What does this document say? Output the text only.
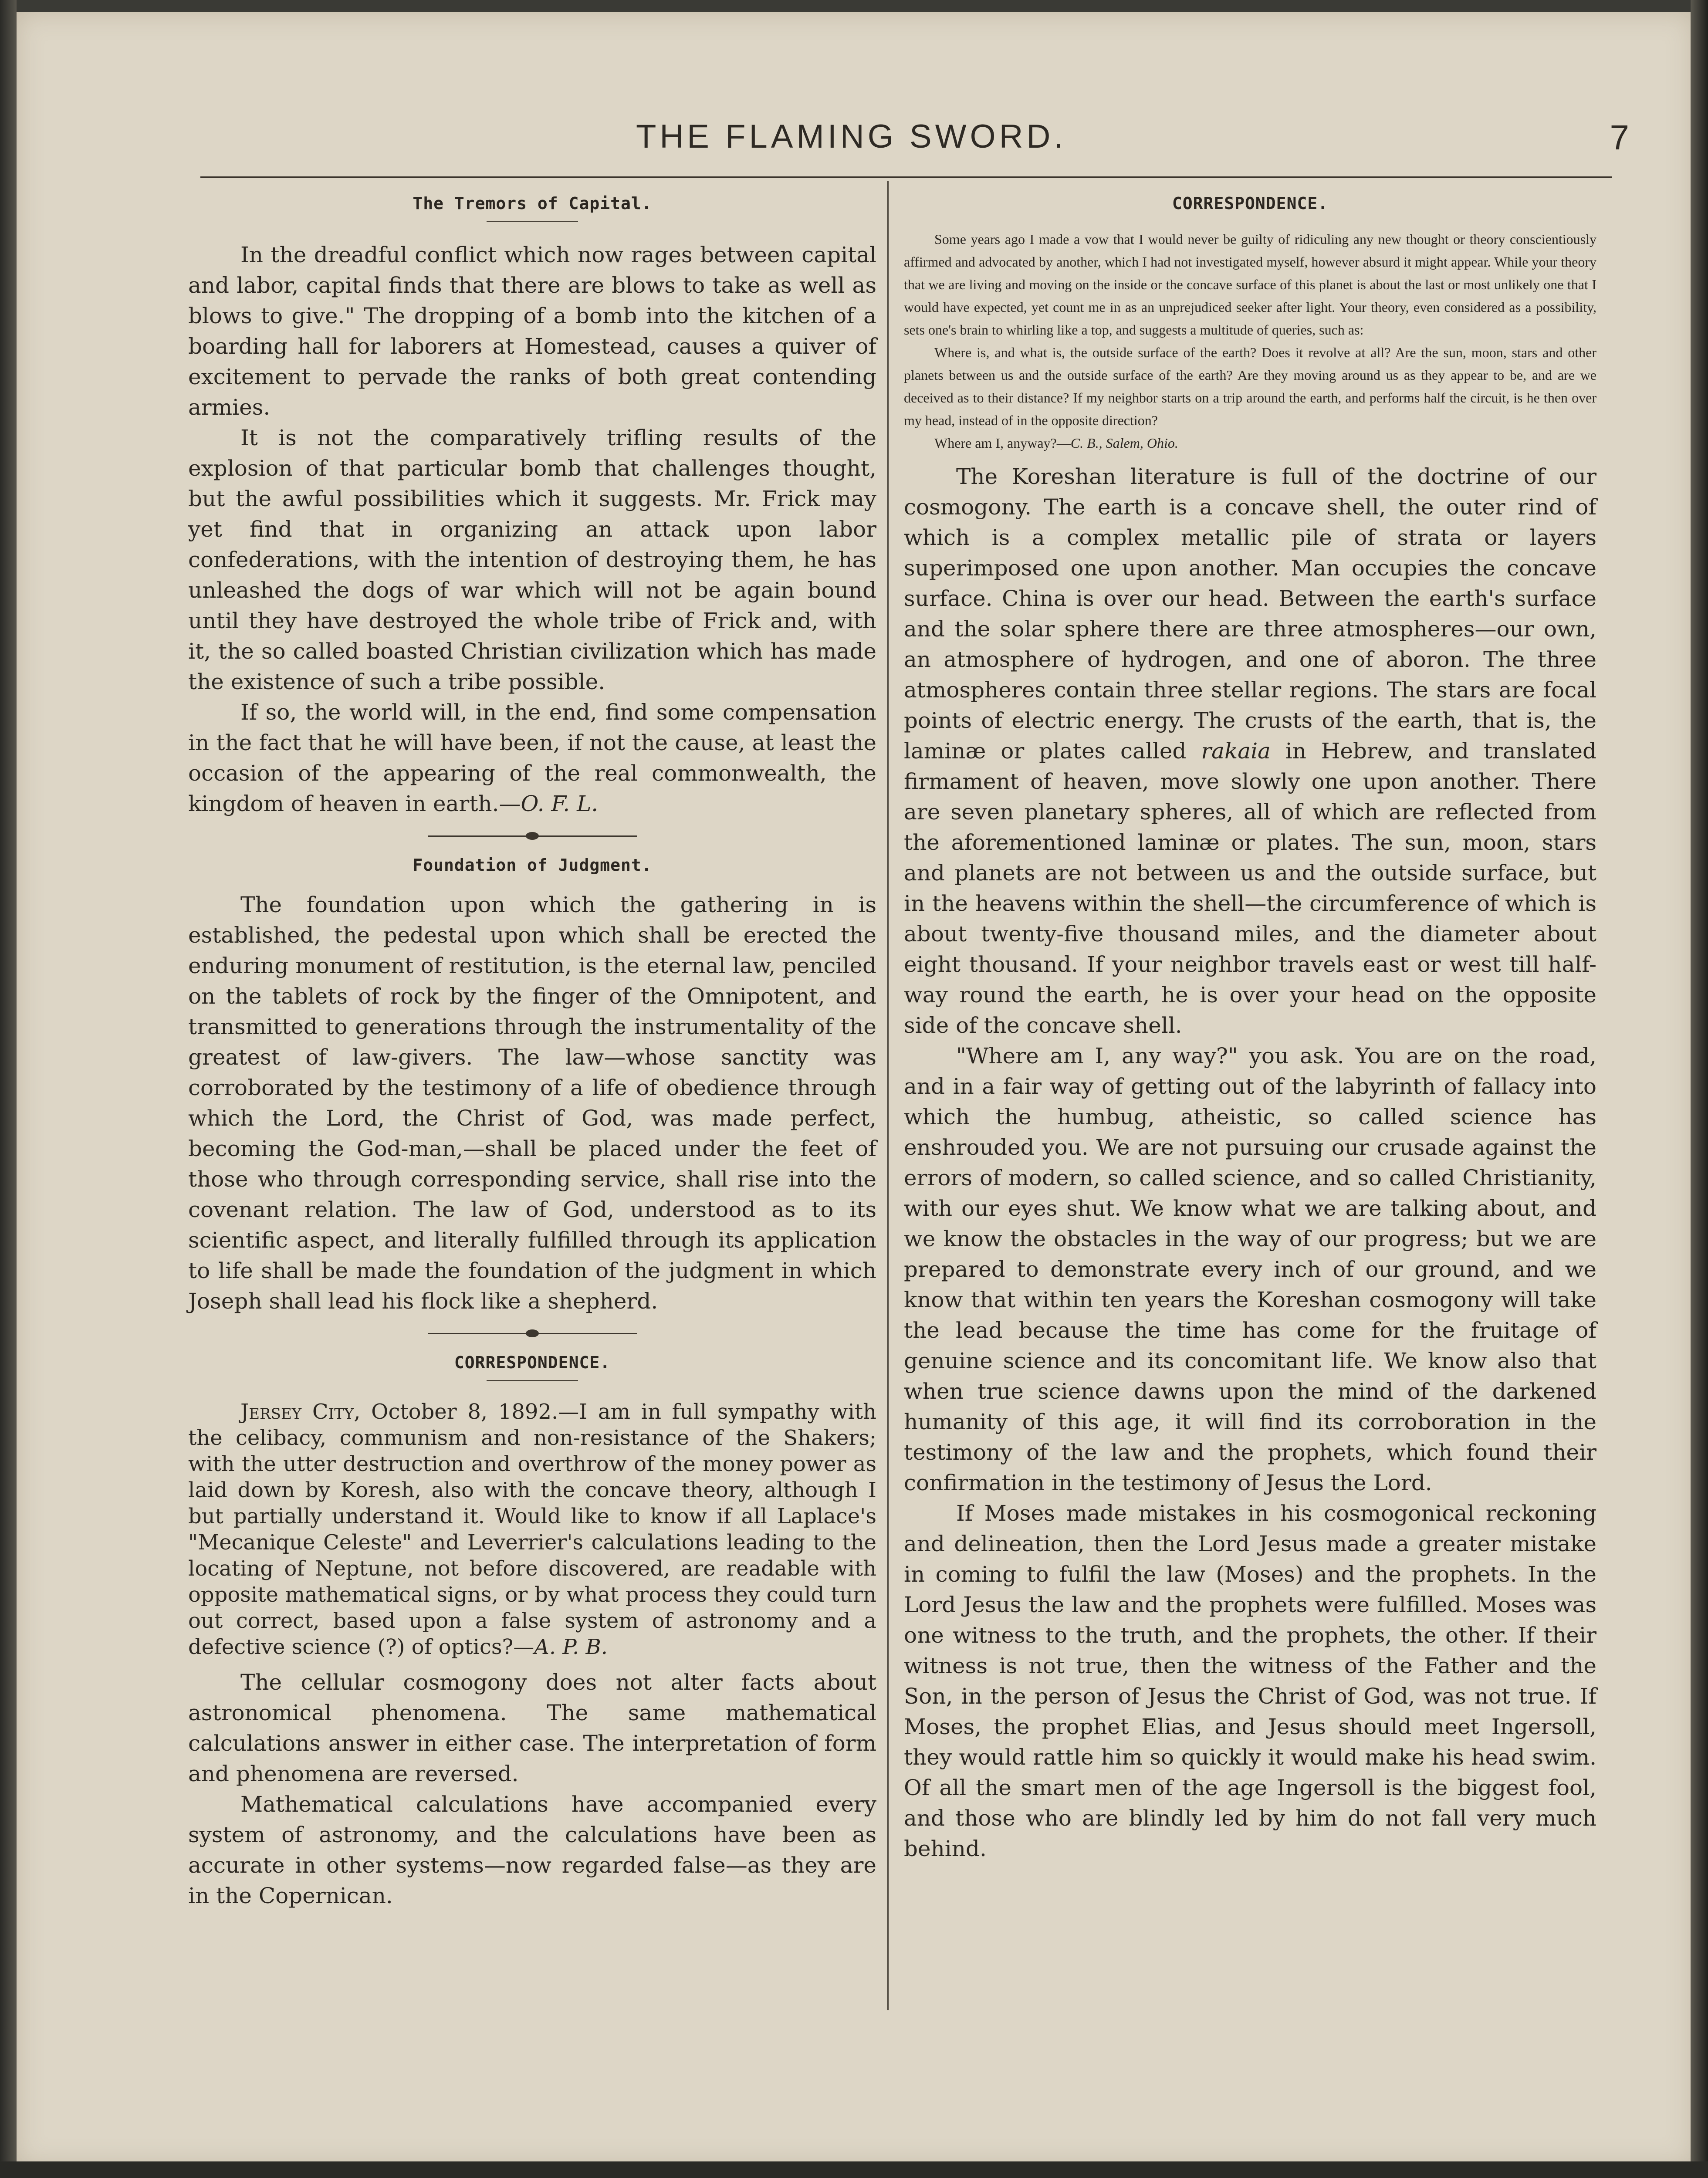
THE FLAMING SWORD.	7
The Tremors of Capital.

In the dreadful conflict which now rages between capital and labor, capital finds that there are blows to take as well as blows to give." The dropping of a bomb into the kitchen of a boarding hall for laborers at Homestead, causes a quiver of excitement to pervade the ranks of both great contending armies.

It is not the comparatively trifling results of the explosion of that particular bomb that challenges thought, but the awful possibilities which it suggests. Mr. Frick may yet find that in organizing an attack upon labor confederations, with the intention of destroying them, he has unleashed the dogs of war which will not be again bound until they have destroyed the whole tribe of Frick and, with it, the so called boasted Christian civilization which has made the existence of such a tribe possible.

If so, the world will, in the end, find some compensation in the fact that he will have been, if not the cause, at least the occasion of the appearing of the real commonwealth, the kingdom of heaven in earth.—O. F. L.

Foundation of Judgment.

The foundation upon which the gathering in is established, the pedestal upon which shall be erected the enduring monument of restitution, is the eternal law, penciled on the tablets of rock by the finger of the Omnipotent, and transmitted to generations through the instrumentality of the greatest of law-givers. The law—whose sanctity was corroborated by the testimony of a life of obedience through which the Lord, the Christ of God, was made perfect, becoming the God-man,—shall be placed under the feet of those who through corresponding service, shall rise into the covenant relation. The law of God, understood as to its scientific aspect, and literally fulfilled through its application to life shall be made the foundation of the judgment in which Joseph shall lead his flock like a shepherd.

CORRESPONDENCE.

Jersey City, October 8, 1892.—I am in full sympathy with the celibacy, communism and non-resistance of the Shakers; with the utter destruction and overthrow of the money power as laid down by Koresh, also with the concave theory, although I but partially understand it. Would like to know if all Laplace's "Mecanique Celeste" and Leverrier's calculations leading to the locating of Neptune, not before discovered, are readable with opposite mathematical signs, or by what process they could turn out correct, based upon a false system of astronomy and a defective science (?) of optics?—A. P. B.

The cellular cosmogony does not alter facts about astronomical phenomena. The same mathematical calculations answer in either case. The interpretation of form and phenomena are reversed.

Mathematical calculations have accompanied every system of astronomy, and the calculations have been as accurate in other systems—now regarded false—as they are in the Copernican.

CORRESPONDENCE.

Some years ago I made a vow that I would never be guilty of ridiculing any new thought or theory conscientiously affirmed and advocated by another, which I had not investigated myself, however absurd it might appear. While your theory that we are living and moving on the inside or the concave surface of this planet is about the last or most unlikely one that I would have expected, yet count me in as an unprejudiced seeker after light. Your theory, even considered as a possibility, sets one's brain to whirling like a top, and suggests a multitude of queries, such as:

Where is, and what is, the outside surface of the earth? Does it revolve at all? Are the sun, moon, stars and other planets between us and the outside surface of the earth? Are they moving around us as they appear to be, and are we deceived as to their distance? If my neighbor starts on a trip around the earth, and performs half the circuit, is he then over my head, instead of in the opposite direction?

Where am I, anyway?—C. B., Salem, Ohio.

The Koreshan literature is full of the doctrine of our cosmogony. The earth is a concave shell, the outer rind of which is a complex metallic pile of strata or layers superimposed one upon another. Man occupies the concave surface. China is over our head. Between the earth's surface and the solar sphere there are three atmospheres—our own, an atmosphere of hydrogen, and one of aboron. The three atmospheres contain three stellar regions. The stars are focal points of electric energy. The crusts of the earth, that is, the laminæ or plates called rakaia in Hebrew, and translated firmament of heaven, move slowly one upon another. There are seven planetary spheres, all of which are reflected from the aforementioned laminæ or plates. The sun, moon, stars and planets are not between us and the outside surface, but in the heavens within the shell—the circumference of which is about twenty-five thousand miles, and the diameter about eight thousand. If your neighbor travels east or west till half-way round the earth, he is over your head on the opposite side of the concave shell.

"Where am I, any way?" you ask. You are on the road, and in a fair way of getting out of the labyrinth of fallacy into which the humbug, atheistic, so called science has enshrouded you. We are not pursuing our crusade against the errors of modern, so called science, and so called Christianity, with our eyes shut. We know what we are talking about, and we know the obstacles in the way of our progress; but we are prepared to demonstrate every inch of our ground, and we know that within ten years the Koreshan cosmogony will take the lead because the time has come for the fruitage of genuine science and its concomitant life. We know also that when true science dawns upon the mind of the darkened humanity of this age, it will find its corroboration in the testimony of the law and the prophets, which found their confirmation in the testimony of Jesus the Lord.

If Moses made mistakes in his cosmogonical reckoning and delineation, then the Lord Jesus made a greater mistake in coming to fulfil the law (Moses) and the prophets. In the Lord Jesus the law and the prophets were fulfilled. Moses was one witness to the truth, and the prophets, the other. If their witness is not true, then the witness of the Father and the Son, in the person of Jesus the Christ of God, was not true. If Moses, the prophet Elias, and Jesus should meet Ingersoll, they would rattle him so quickly it would make his head swim. Of all the smart men of the age Ingersoll is the biggest fool, and those who are blindly led by him do not fall very much behind.
